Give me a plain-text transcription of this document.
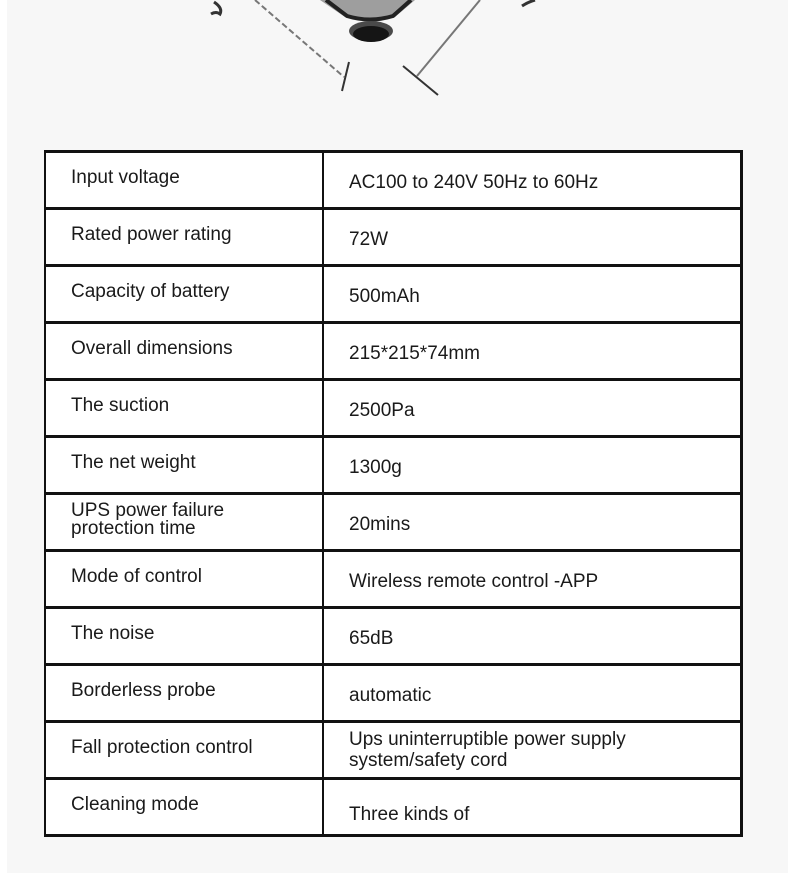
Input voltage	AC100 to 240V 50Hz to 60Hz
Rated power rating	72W
Capacity of battery	500mAh
Overall dimensions	215*215*74mm
The suction	2500Pa
The net weight	1300g
UPS power failure
protection time	20mins
Mode of control	Wireless remote control -APP
The noise	65dB
Borderless probe	automatic
Fall protection control	Ups uninterruptible power supply
system/safety cord
Cleaning mode	Three kinds of
